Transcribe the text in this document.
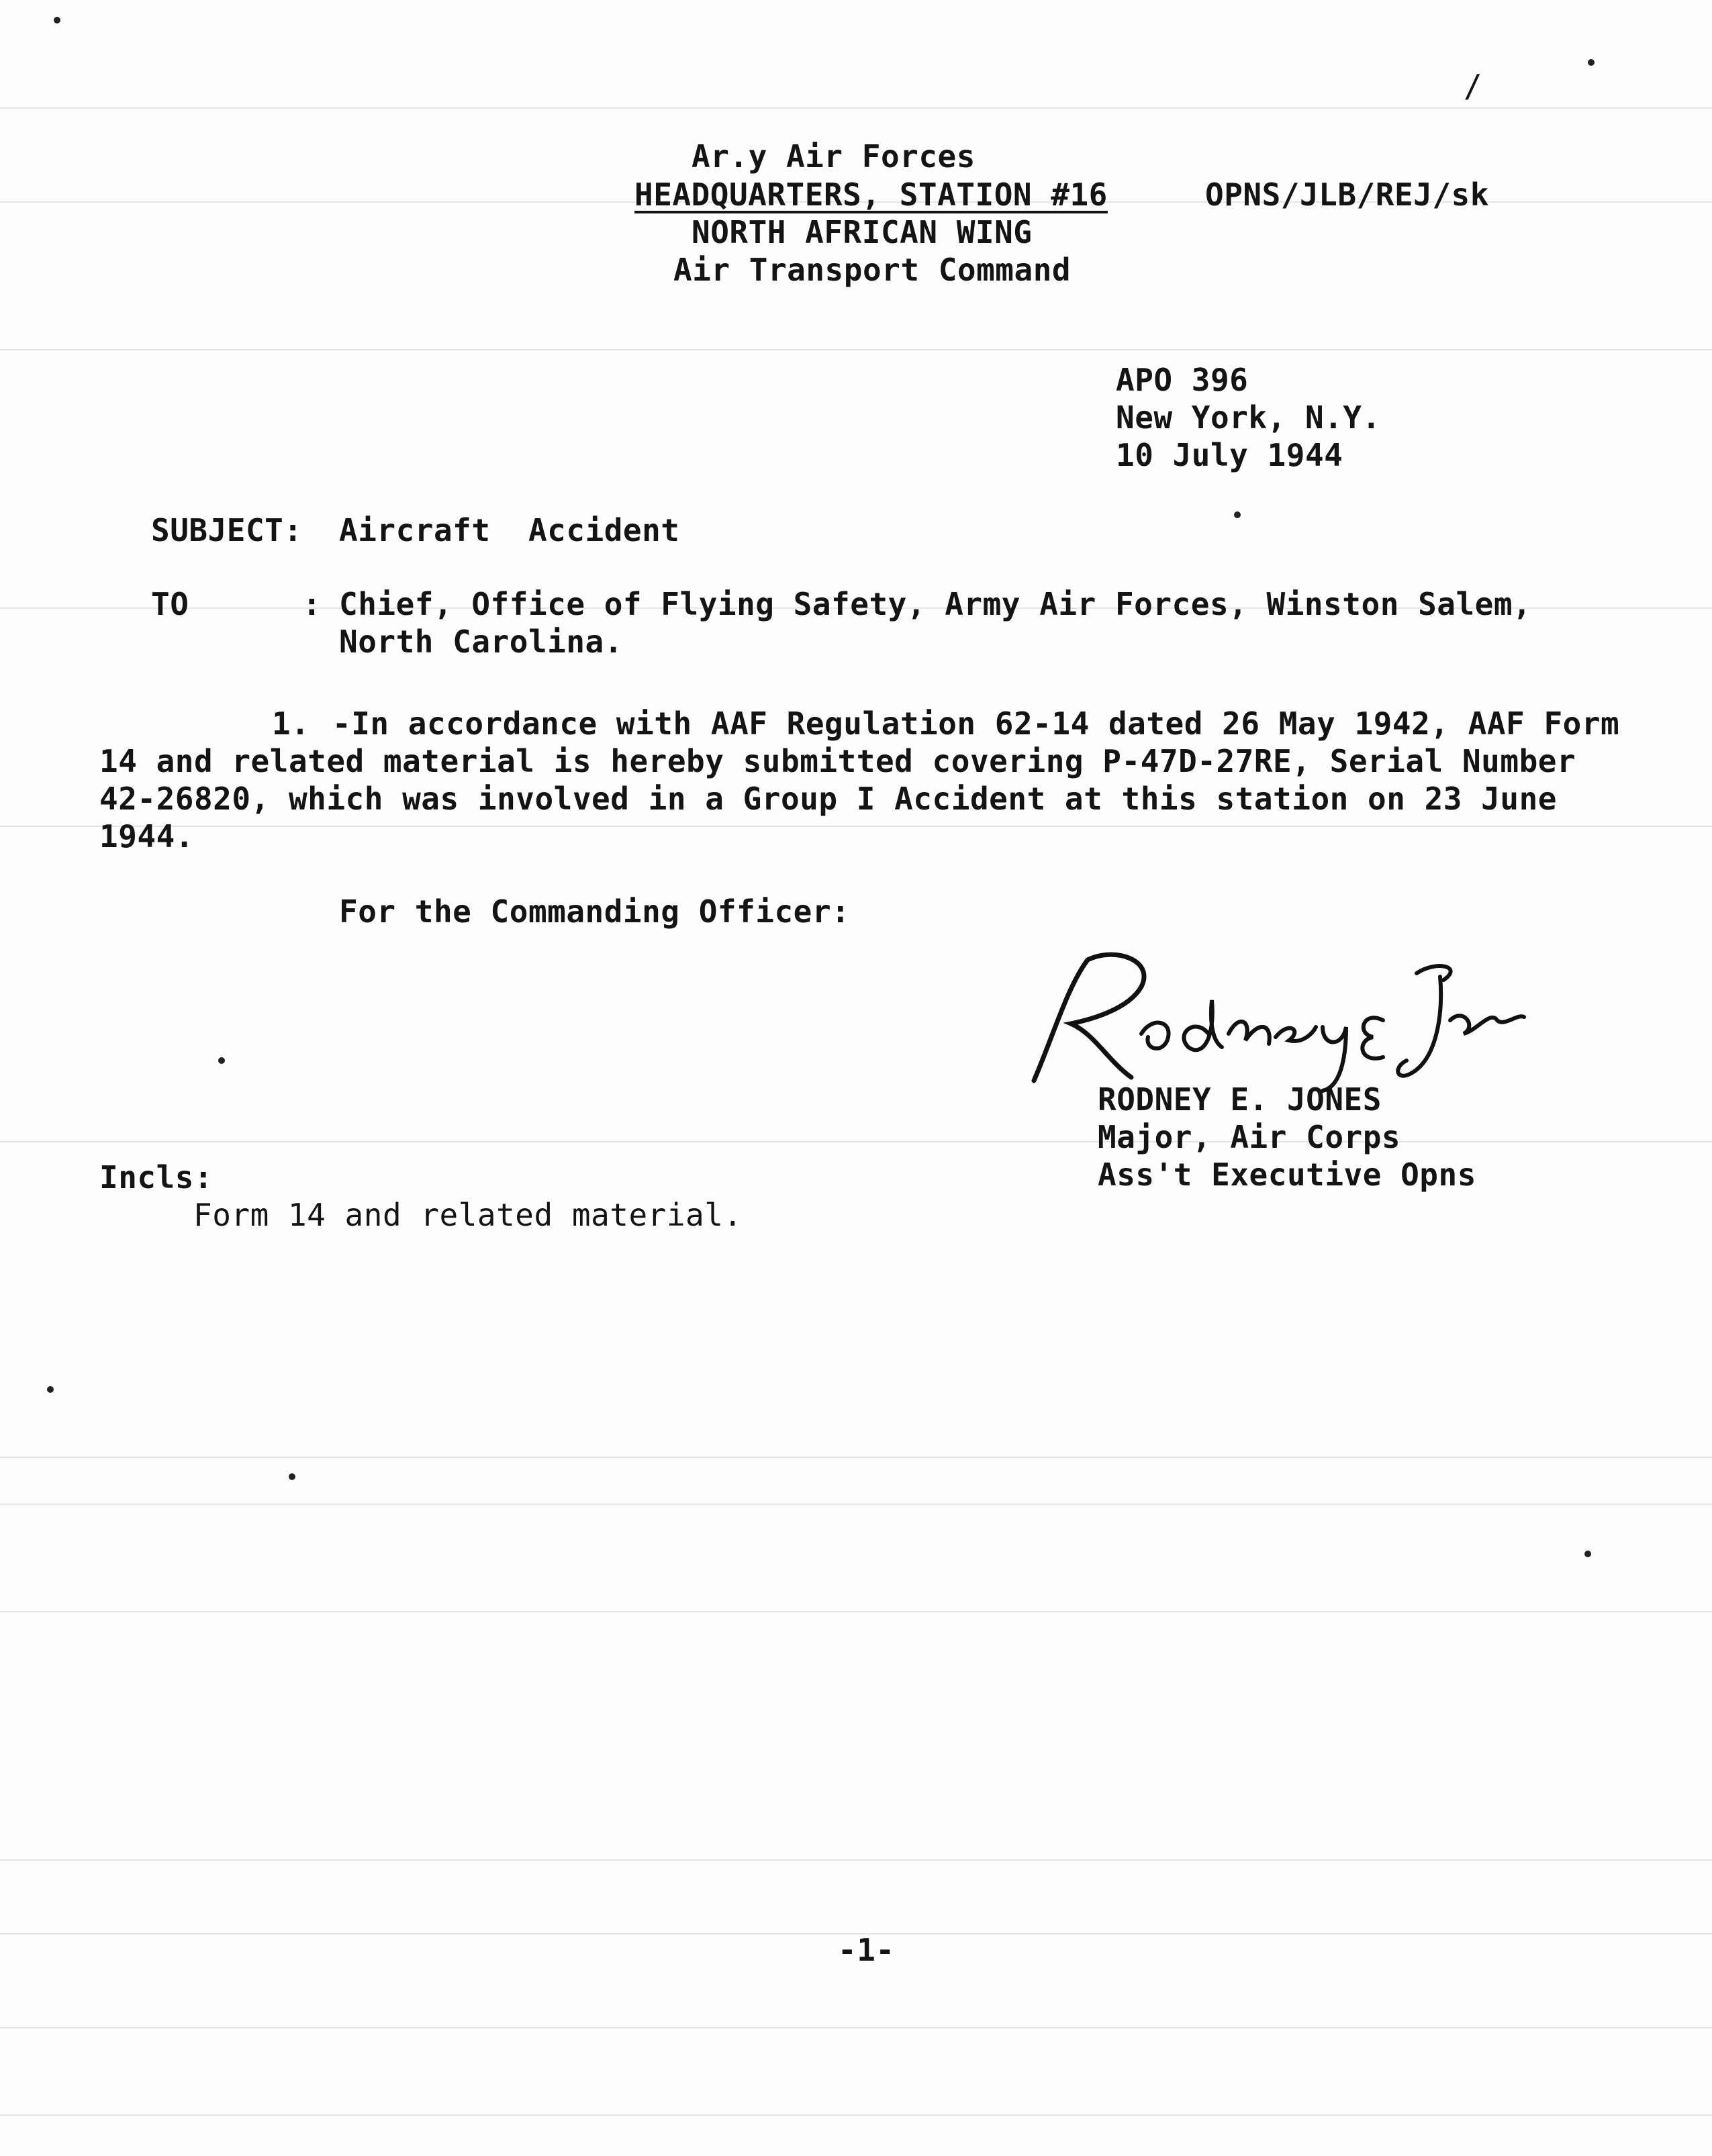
/
Ar.y Air Forces
HEADQUARTERS, STATION #16	OPNS/JLB/REJ/sk
NORTH AFRICAN WING
Air Transport Command
APO 396
New York, N.Y.
10 July 1944
SUBJECT: Aircraft  Accident
TO      : Chief, Office of Flying Safety, Army Air Forces, Winston Salem,
North Carolina.
1. -In accordance with AAF Regulation 62-14 dated 26 May 1942, AAF Form
14 and related material is hereby submitted covering P-47D-27RE, Serial Number
42-26820, which was involved in a Group I Accident at this station on 23 June
1944.
For the Commanding Officer:
RODNEY E. JONES
Major, Air Corps
Ass't Executive Opns
Incls:
Form 14 and related material.
-1-
